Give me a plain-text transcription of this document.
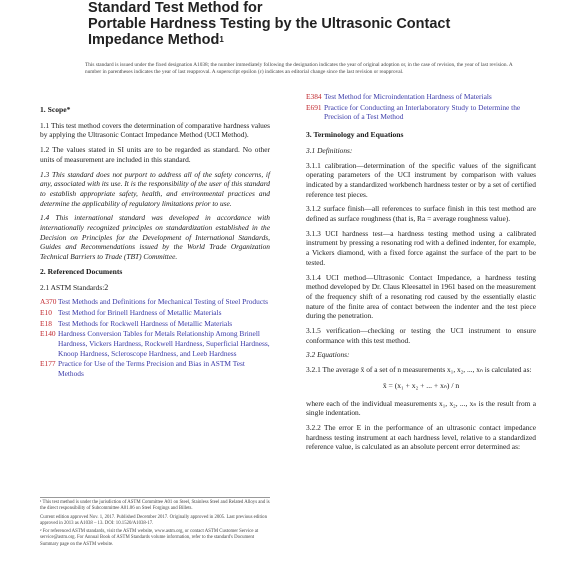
Standard Test Method for
Portable Hardness Testing by the Ultrasonic Contact
Impedance Method$^1$
This standard is issued under the fixed designation A1038; the number immediately following the designation indicates the year of original adoption or, in the case of revision, the year of last revision. A number in parentheses indicates the year of last reapproval. A superscript epsilon (ε) indicates an editorial change since the last revision or reapproval.
1. Scope*

1.1 This test method covers the determination of comparative hardness values by applying the Ultrasonic Contact Impedance Method (UCI Method).

1.2 The values stated in SI units are to be regarded as standard. No other units of measurement are included in this standard.

1.3 This standard does not purport to address all of the safety concerns, if any, associated with its use. It is the responsibility of the user of this standard to establish appropriate safety, health, and environmental practices and determine the applicability of regulatory limitations prior to use.

1.4 This international standard was developed in accordance with internationally recognized principles on standardization established in the Decision on Principles for the Development of International Standards, Guides and Recommendations issued by the World Trade Organization Technical Barriers to Trade (TBT) Committee.

2. Referenced Documents

2.1 ASTM Standards:2

A370 Test Methods and Definitions for Mechanical Testing of Steel Products
E10 Test Method for Brinell Hardness of Metallic Materials
E18 Test Methods for Rockwell Hardness of Metallic Materials
E140 Hardness Conversion Tables for Metals Relationship Among Brinell Hardness, Vickers Hardness, Rockwell Hardness, Superficial Hardness, Knoop Hardness, Scleroscope Hardness, and Leeb Hardness
E177 Practice for Use of the Terms Precision and Bias in ASTM Test Methods

¹ This test method is under the jurisdiction of ASTM Committee A01 on Steel, Stainless Steel and Related Alloys and is the direct responsibility of Subcommittee A01.06 on Steel Forgings and Billets.

Current edition approved Nov. 1, 2017. Published December 2017. Originally approved in 2005. Last previous edition approved in 2013 as A1038 – 13. DOI: 10.1520/A1038-17.

² For referenced ASTM standards, visit the ASTM website, www.astm.org, or contact ASTM Customer Service at service@astm.org. For Annual Book of ASTM Standards volume information, refer to the standard's Document Summary page on the ASTM website.

E384 Test Method for Microindentation Hardness of Materials
E691 Practice for Conducting an Interlaboratory Study to Determine the Precision of a Test Method
3. Terminology and Equations

3.1 Definitions:

3.1.1 calibration—determination of the specific values of the significant operating parameters of the UCI instrument by comparison with values indicated by a standardized workbench hardness tester or by a set of certified reference test pieces.

3.1.2 surface finish—all references to surface finish in this test method are defined as surface roughness (that is, Ra = average roughness value).

3.1.3 UCI hardness test—a hardness testing method using a calibrated instrument by pressing a resonating rod with a defined indenter, for example, a Vickers diamond, with a fixed force against the surface of the part to be tested.

3.1.4 UCI method—Ultrasonic Contact Impedance, a hardness testing method developed by Dr. Claus Kleesattel in 1961 based on the measurement of the frequency shift of a resonating rod caused by the essentially elastic nature of the finite area of contact between the indenter and the test piece during the penetration.

3.1.5 verification—checking or testing the UCI instrument to ensure conformance with this test method.

3.2 Equations:

3.2.1 The average x̄ of a set of n measurements x₁, x₂, ..., xₙ is calculated as:

x̄ = (x₁ + x₂ + ... + xₙ) / n

where each of the individual measurements x₁, x₂, ..., xₙ is the result from a single indentation.

3.2.2 The error E in the performance of an ultrasonic contact impedance hardness testing instrument at each hardness level, relative to a standardized reference value, is calculated as an absolute percent error determined as:
